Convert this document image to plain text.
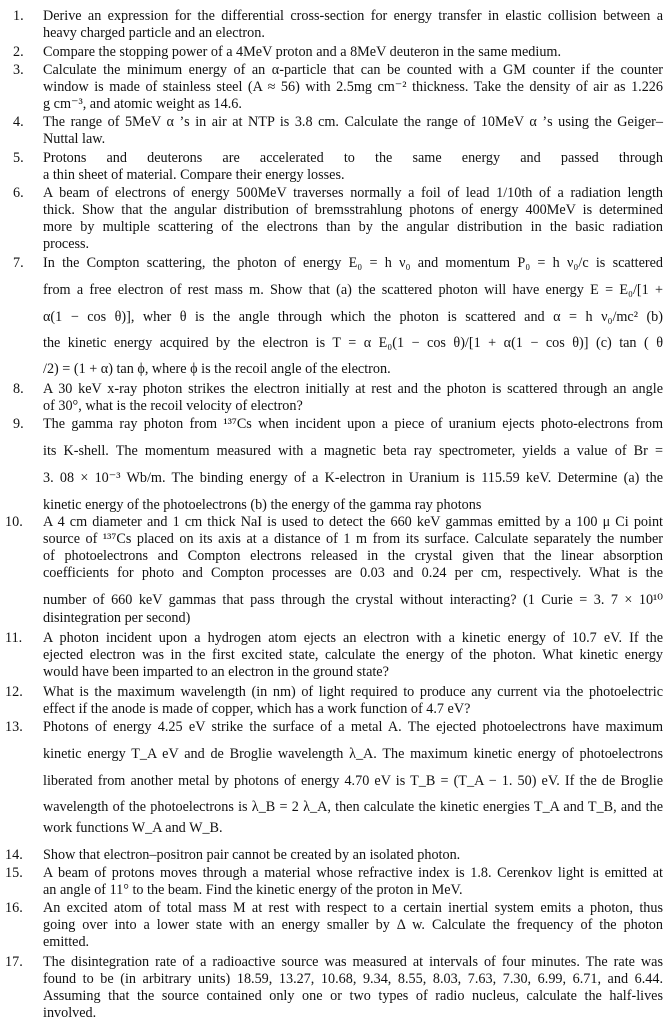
1.	Derive an expression for the differential cross-section for energy transfer in elastic collision between a
heavy charged particle and an electron.
2.	Compare the stopping power of a 4MeV proton and a 8MeV deuteron in the same medium.
3.	Calculate the minimum energy of an α-particle that can be counted with a GM counter if the counter
window is made of stainless steel (A ≈ 56) with 2.5mg cm⁻² thickness. Take the density of air as 1.226
g cm⁻³, and atomic weight as 14.6.
4.	The range of 5MeV α ’s in air at NTP is 3.8 cm. Calculate the range of 10MeV α ’s using the Geiger–
Nuttal law.
5.	Protons and deuterons are accelerated to the same energy and passed through
a thin sheet of material. Compare their energy losses.
6.	A beam of electrons of energy 500MeV traverses normally a foil of lead 1/10th of a radiation length
thick. Show that the angular distribution of bremsstrahlung photons of energy 400MeV is determined
more by multiple scattering of the electrons than by the angular distribution in the basic radiation
process.
7.	In the Compton scattering, the photon of energy E₀ = h ν₀ and momentum P₀ = h ν₀/c is scattered
from a free electron of rest mass m. Show that (a) the scattered photon will have energy E = E₀/[1 +
α(1 − cos θ)], wher θ is the angle through which the photon is scattered and α = h ν₀/mc² (b)
the kinetic energy acquired by the electron is T = α E₀(1 − cos θ)/[1 + α(1 − cos θ)] (c) tan ( θ
/2) = (1 + α) tan ϕ, where ϕ is the recoil angle of the electron.
8.	A 30 keV x-ray photon strikes the electron initially at rest and the photon is scattered through an angle
of 30°, what is the recoil velocity of electron?
9.	The gamma ray photon from ¹³⁷Cs when incident upon a piece of uranium ejects photo-electrons from
its K-shell. The momentum measured with a magnetic beta ray spectrometer, yields a value of Br =
3. 08 × 10⁻³ Wb/m. The binding energy of a K-electron in Uranium is 115.59 keV. Determine (a) the
kinetic energy of the photoelectrons (b) the energy of the gamma ray photons
10.	A 4 cm diameter and 1 cm thick NaI is used to detect the 660 keV gammas emitted by a 100 μ Ci point
source of ¹³⁷Cs placed on its axis at a distance of 1 m from its surface. Calculate separately the number
of photoelectrons and Compton electrons released in the crystal given that the linear absorption
coefficients for photo and Compton processes are 0.03 and 0.24 per cm, respectively. What is the
number of 660 keV gammas that pass through the crystal without interacting? (1 Curie = 3. 7 × 10¹⁰
disintegration per second)
11.	A photon incident upon a hydrogen atom ejects an electron with a kinetic energy of 10.7 eV. If the
ejected electron was in the first excited state, calculate the energy of the photon. What kinetic energy
would have been imparted to an electron in the ground state?
12.	What is the maximum wavelength (in nm) of light required to produce any current via the photoelectric
effect if the anode is made of copper, which has a work function of 4.7 eV?
13.	Photons of energy 4.25 eV strike the surface of a metal A. The ejected photoelectrons have maximum
kinetic energy T_A eV and de Broglie wavelength λ_A. The maximum kinetic energy of photoelectrons
liberated from another metal by photons of energy 4.70 eV is T_B = (T_A − 1. 50) eV. If the de Broglie
wavelength of the photoelectrons is λ_B = 2 λ_A, then calculate the kinetic energies T_A and T_B, and the
work functions W_A and W_B.
14.	Show that electron–positron pair cannot be created by an isolated photon.
15.	A beam of protons moves through a material whose refractive index is 1.8. Cerenkov light is emitted at
an angle of 11° to the beam. Find the kinetic energy of the proton in MeV.
16.	An excited atom of total mass M at rest with respect to a certain inertial system emits a photon, thus
going over into a lower state with an energy smaller by Δ w. Calculate the frequency of the photon
emitted.
17.	The disintegration rate of a radioactive source was measured at intervals of four minutes. The rate was
found to be (in arbitrary units) 18.59, 13.27, 10.68, 9.34, 8.55, 8.03, 7.63, 7.30, 6.99, 6.71, and 6.44.
Assuming that the source contained only one or two types of radio nucleus, calculate the half-lives
involved.
